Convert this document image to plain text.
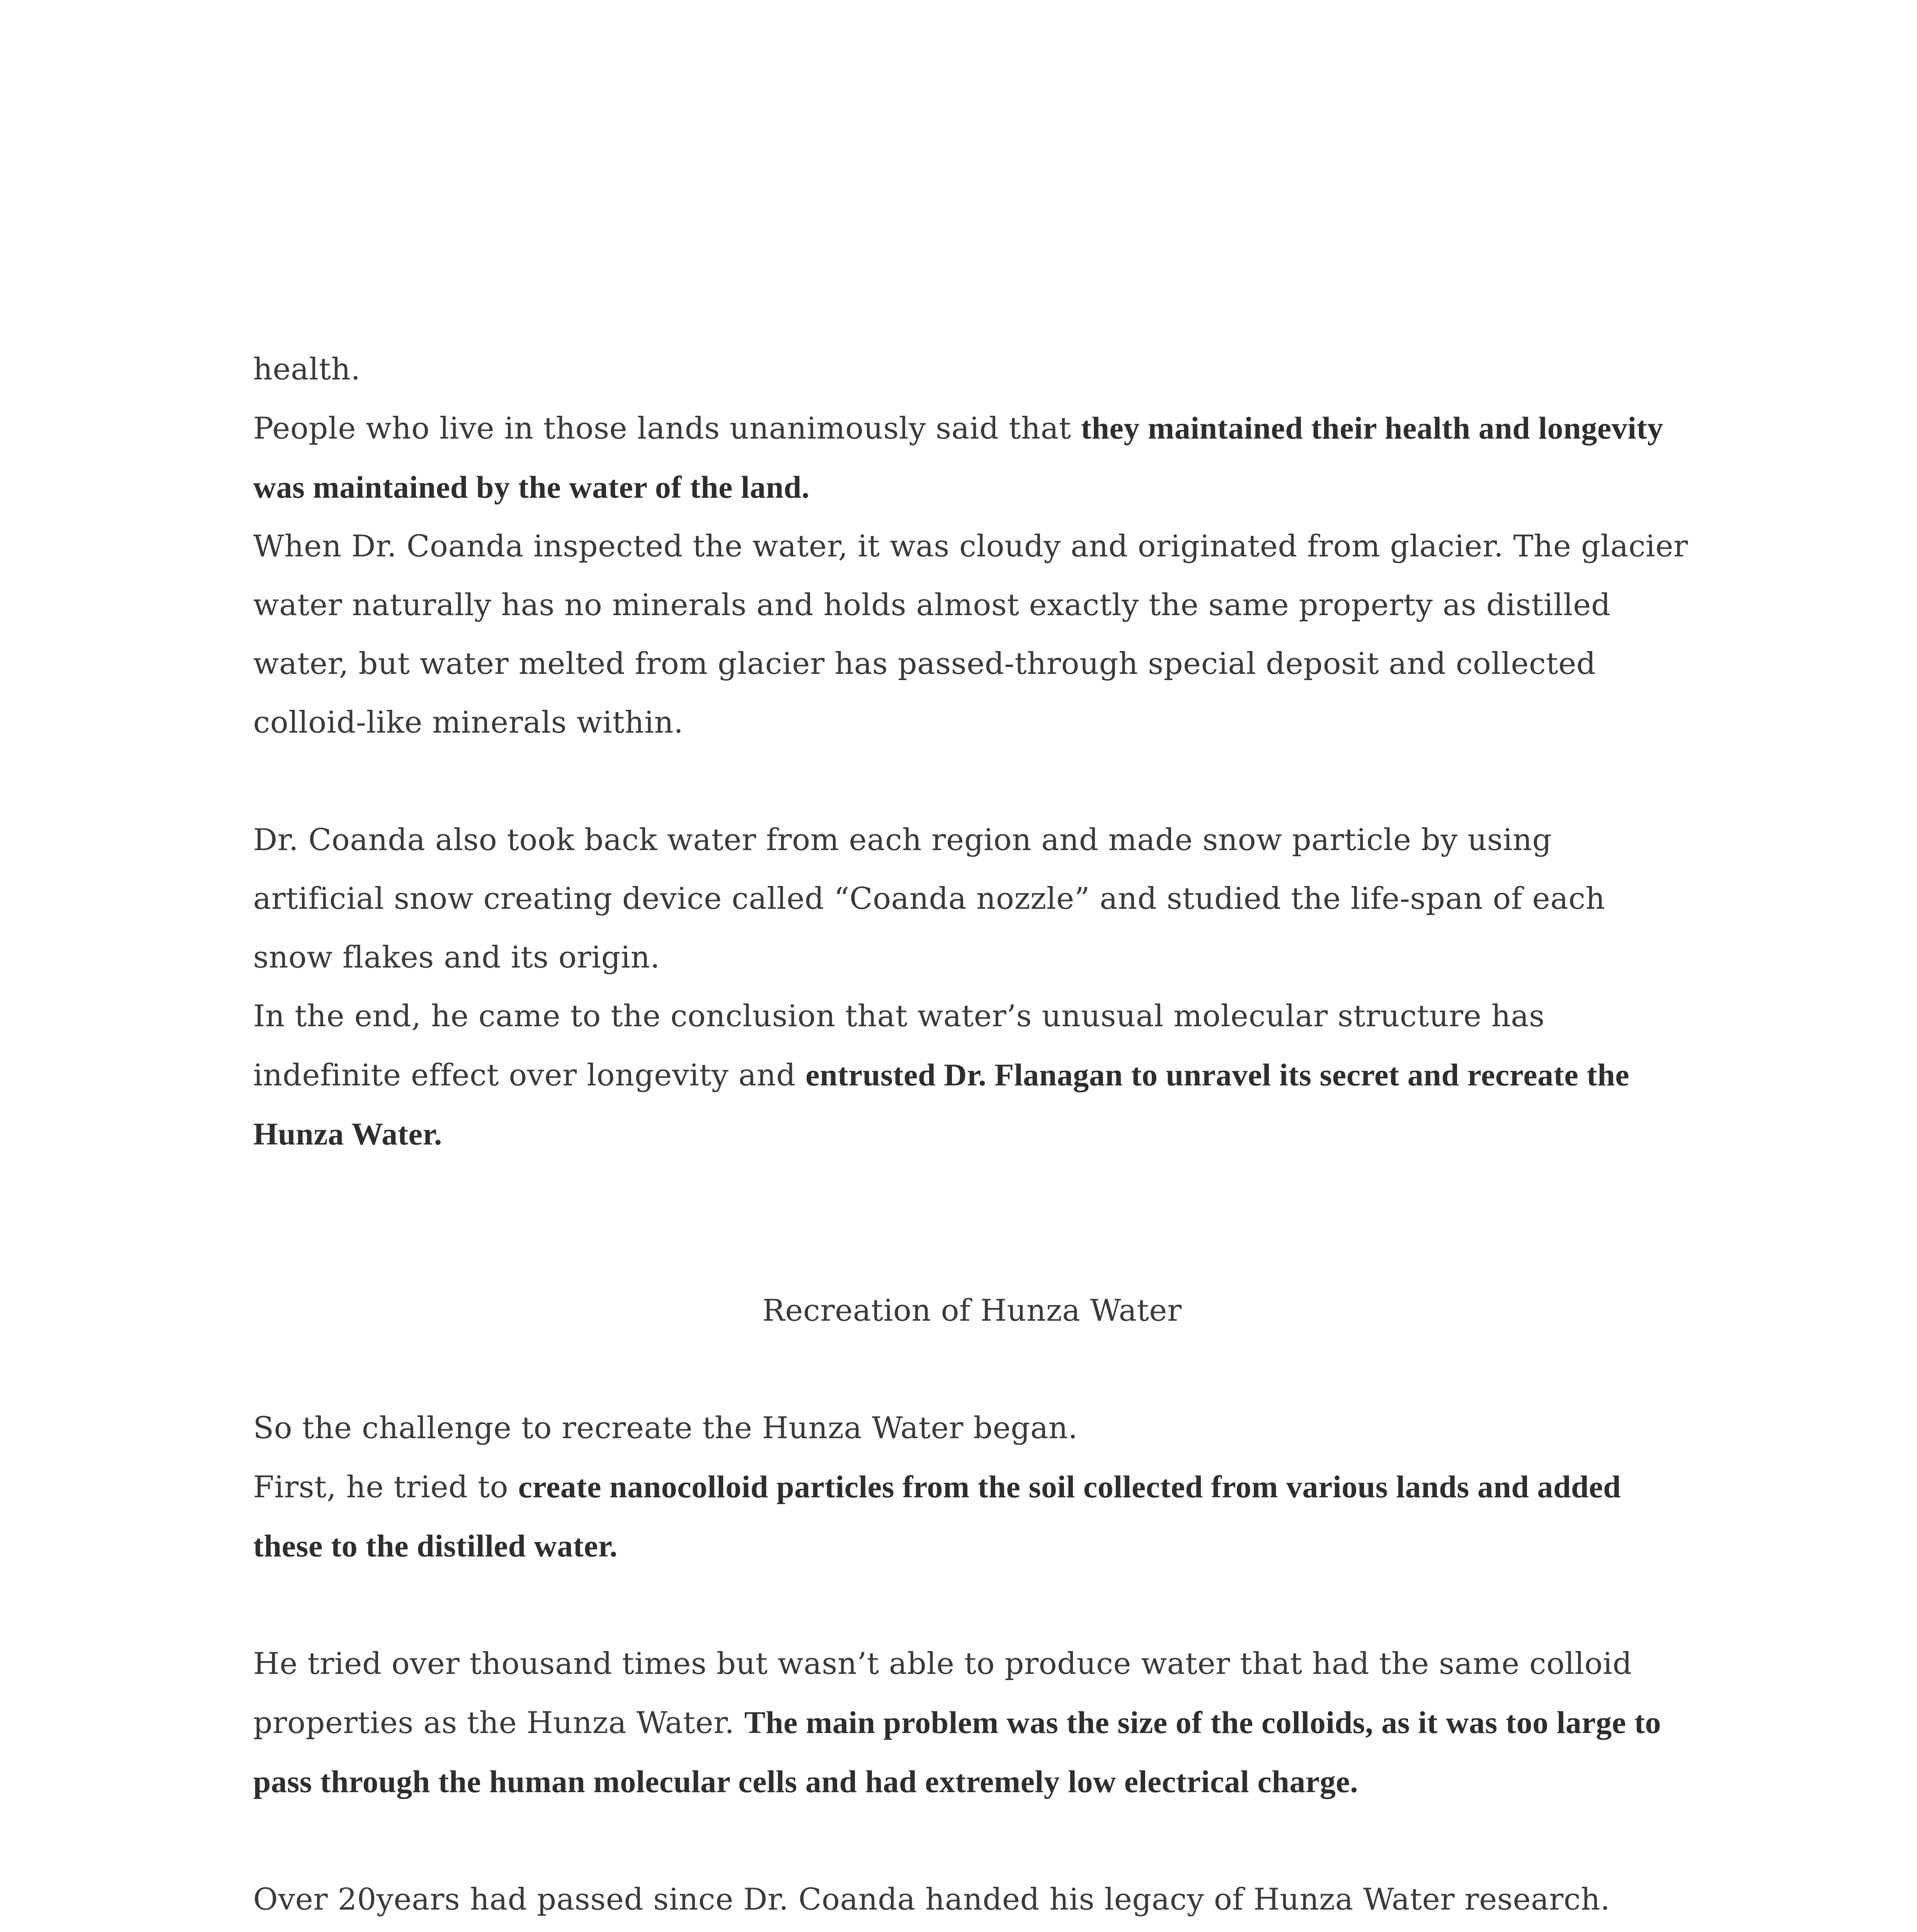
health.

People who live in those lands unanimously said that they maintained their health and longevity was maintained by the water of the land.

When Dr. Coanda inspected the water, it was cloudy and originated from glacier. The glacier water naturally has no minerals and holds almost exactly the same property as distilled water, but water melted from glacier has passed-through special deposit and collected colloid-like minerals within.

Dr. Coanda also took back water from each region and made snow particle by using artificial snow creating device called “Coanda nozzle” and studied the life-span of each snow flakes and its origin.

In the end, he came to the conclusion that water’s unusual molecular structure has indefinite effect over longevity and entrusted Dr. Flanagan to unravel its secret and recreate the Hunza Water.

Recreation of Hunza Water

So the challenge to recreate the Hunza Water began.

First, he tried to create nanocolloid particles from the soil collected from various lands and added these to the distilled water.

He tried over thousand times but wasn’t able to produce water that had the same colloid properties as the Hunza Water. The main problem was the size of the colloids, as it was too large to pass through the human molecular cells and had extremely low electrical charge.

Over 20years had passed since Dr. Coanda handed his legacy of Hunza Water research.
